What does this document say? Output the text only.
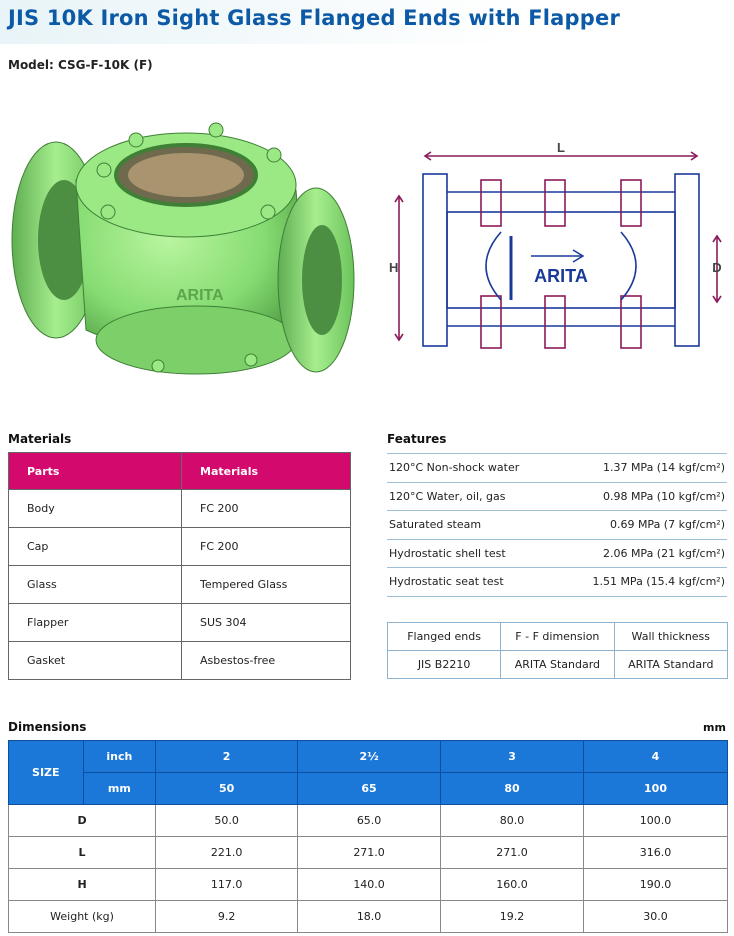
JIS 10K Iron Sight Glass Flanged Ends with Flapper
Model: CSG-F-10K (F)
ARITA
ARITA
L
H	D
Materials
Parts	Materials
Body	FC 200
Cap	FC 200
Glass	Tempered Glass
Flapper	SUS 304
Gasket	Asbestos-free
Features
120°C Non-shock water	1.37 MPa (14 kgf/cm²)
120°C Water, oil, gas	0.98 MPa (10 kgf/cm²)
Saturated steam	0.69 MPa (7 kgf/cm²)
Hydrostatic shell test	2.06 MPa (21 kgf/cm²)
Hydrostatic seat test	1.51 MPa (15.4 kgf/cm²)
Flanged ends	F - F dimension	Wall thickness
JIS B2210	ARITA Standard	ARITA Standard
Dimensions	mm
SIZE	inch	2	2½	3	4
	mm	50	65	80	100
D		50.0	65.0	80.0	100.0
L		221.0	271.0	271.0	316.0
H		117.0	140.0	160.0	190.0
Weight (kg)		9.2	18.0	19.2	30.0
